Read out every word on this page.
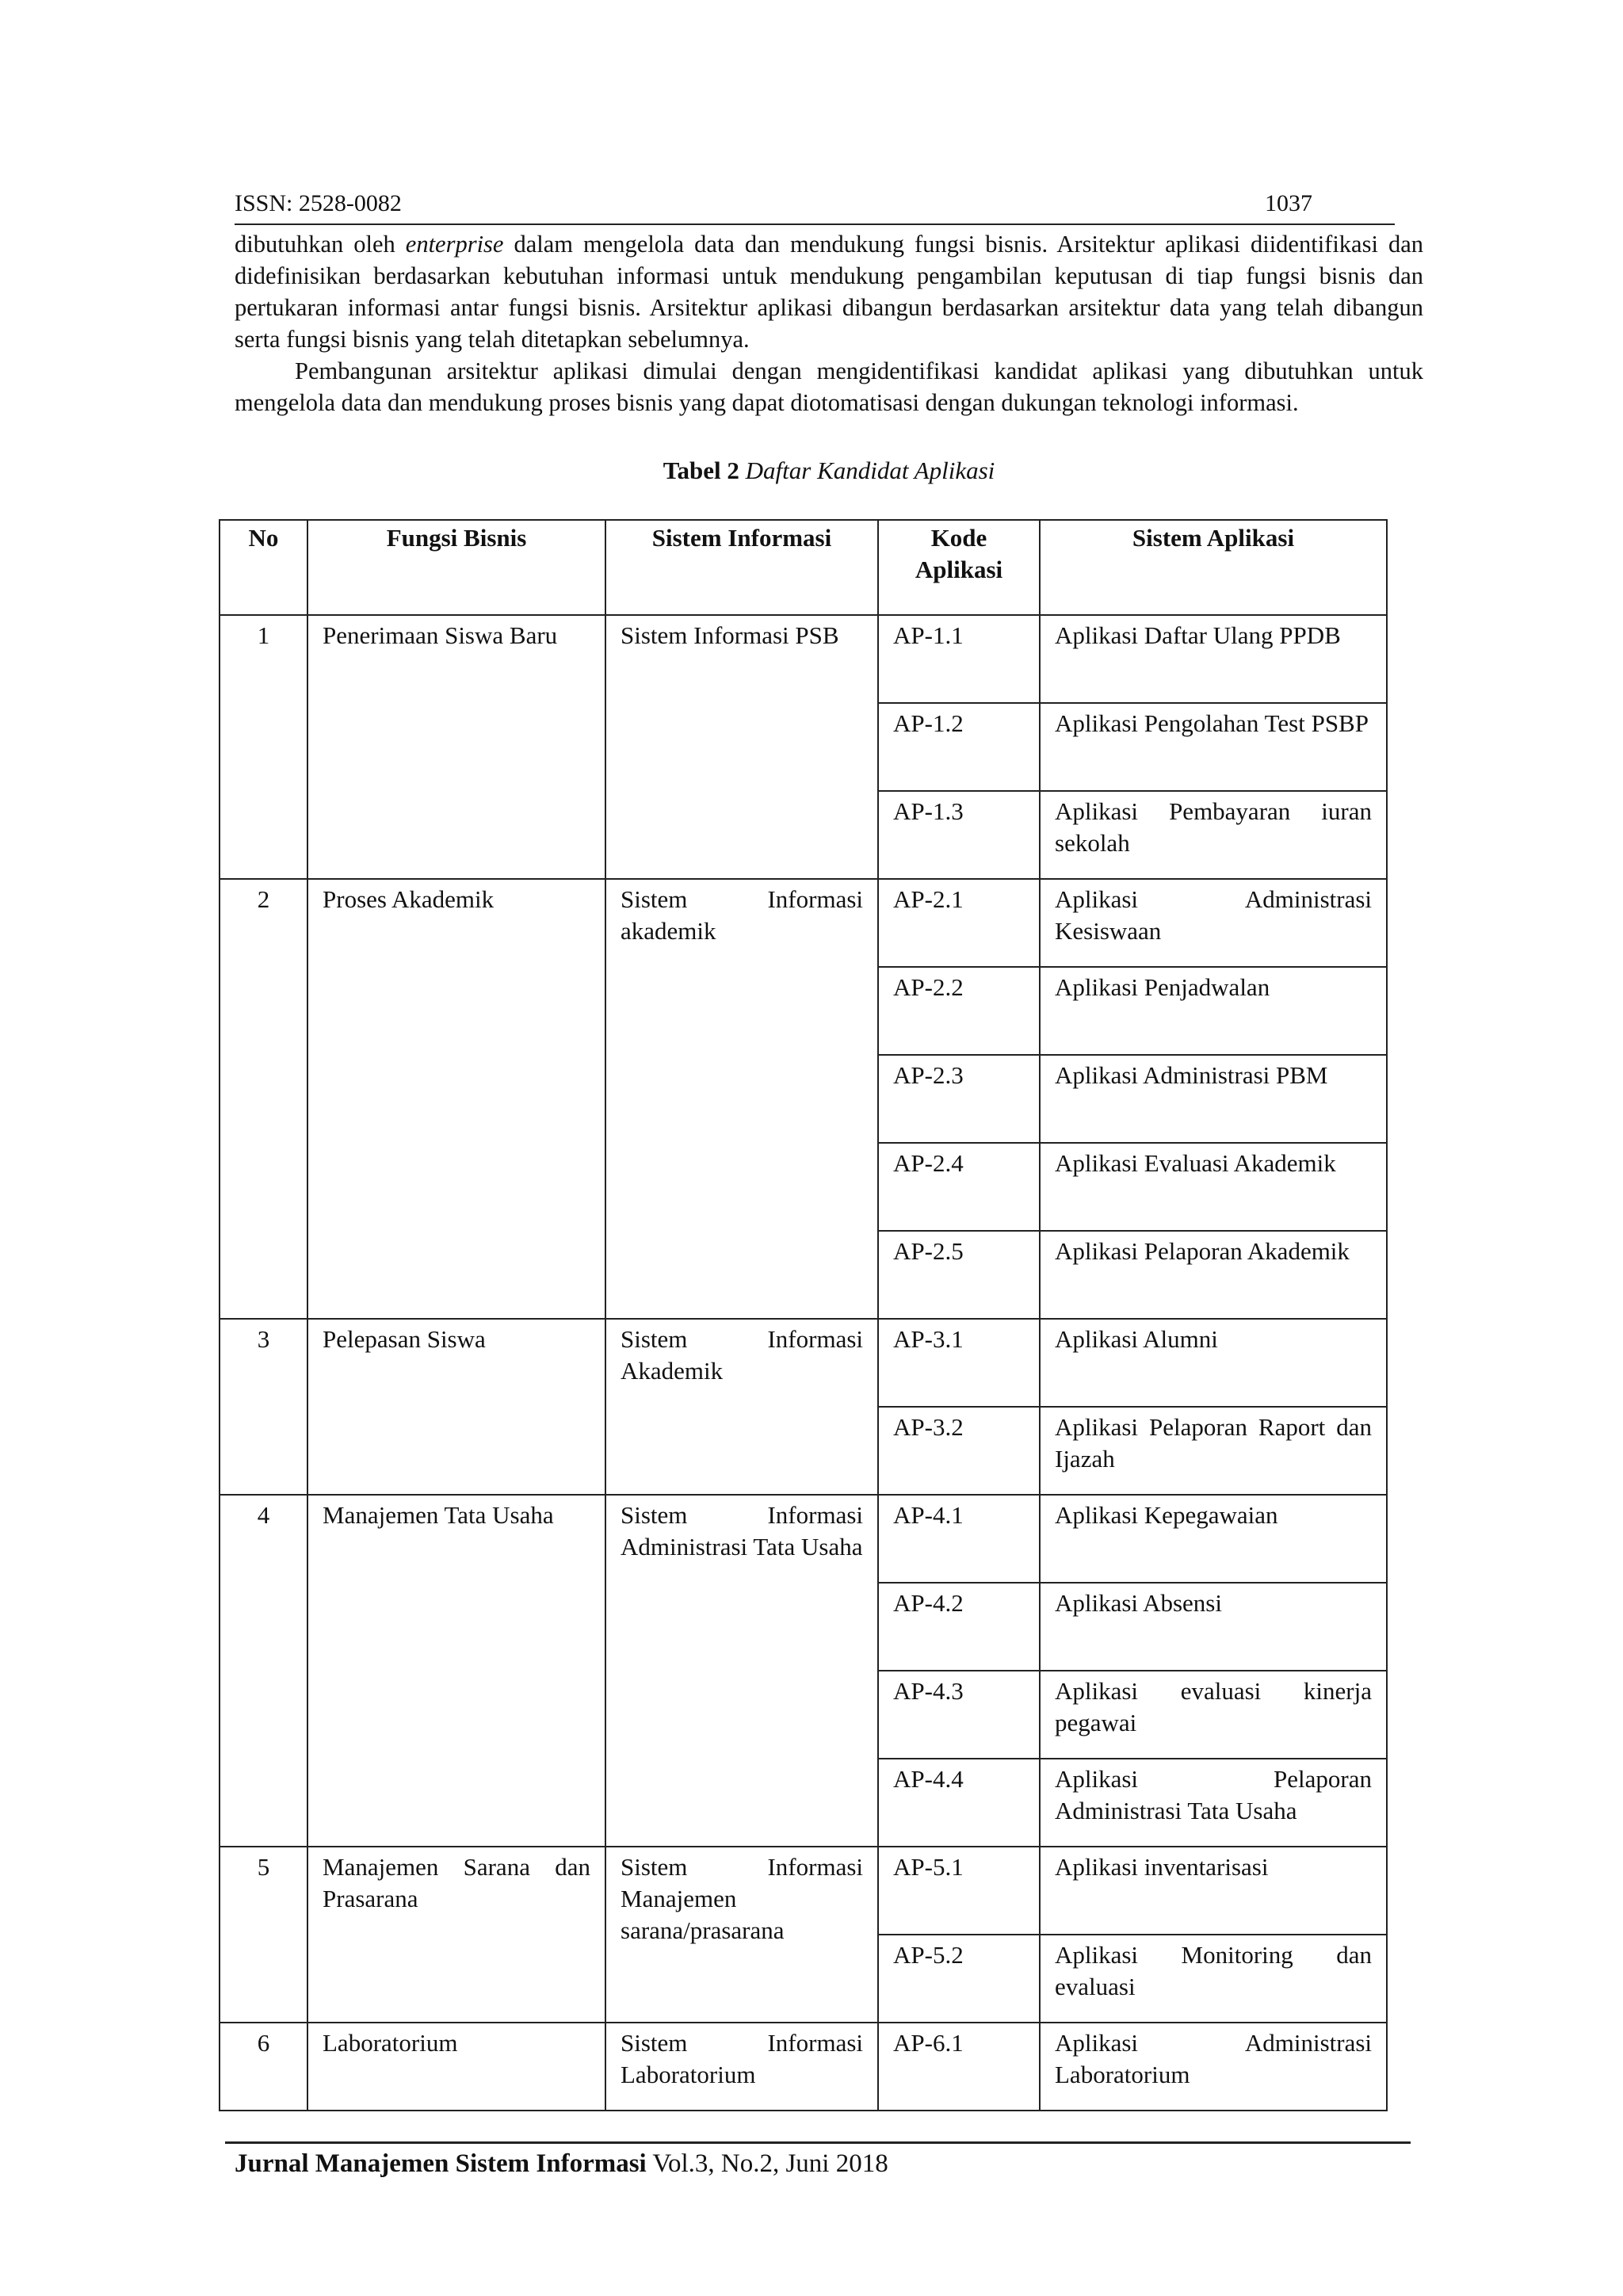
ISSN: 2528-0082	1037

dibutuhkan oleh enterprise dalam mengelola data dan mendukung fungsi bisnis. Arsitektur aplikasi diidentifikasi dan didefinisikan berdasarkan kebutuhan informasi untuk mendukung pengambilan keputusan di tiap fungsi bisnis dan pertukaran informasi antar fungsi bisnis. Arsitektur aplikasi dibangun berdasarkan arsitektur data yang telah dibangun serta fungsi bisnis yang telah ditetapkan sebelumnya.

Pembangunan arsitektur aplikasi dimulai dengan mengidentifikasi kandidat aplikasi yang dibutuhkan untuk mengelola data dan mendukung proses bisnis yang dapat diotomatisasi dengan dukungan teknologi informasi.

Tabel 2 Daftar Kandidat Aplikasi
No	Fungsi Bisnis	Sistem Informasi	Kode Aplikasi	Sistem Aplikasi
1	Penerimaan Siswa Baru	Sistem Informasi PSB	AP-1.1	Aplikasi Daftar Ulang PPDB
			AP-1.2	Aplikasi Pengolahan Test PSBP
			AP-1.3	Aplikasi Pembayaran iuran sekolah
2	Proses Akademik	Sistem Informasi akademik	AP-2.1	Aplikasi Administrasi Kesiswaan
			AP-2.2	Aplikasi Penjadwalan
			AP-2.3	Aplikasi Administrasi PBM
			AP-2.4	Aplikasi Evaluasi Akademik
			AP-2.5	Aplikasi Pelaporan Akademik
3	Pelepasan Siswa	Sistem Informasi Akademik	AP-3.1	Aplikasi Alumni
			AP-3.2	Aplikasi Pelaporan Raport dan Ijazah
4	Manajemen Tata Usaha	Sistem Informasi Administrasi Tata Usaha	AP-4.1	Aplikasi Kepegawaian
			AP-4.2	Aplikasi Absensi
			AP-4.3	Aplikasi evaluasi kinerja pegawai
			AP-4.4	Aplikasi Pelaporan Administrasi Tata Usaha
5	Manajemen Sarana dan Prasarana	Sistem Informasi Manajemen sarana/prasarana	AP-5.1	Aplikasi inventarisasi
			AP-5.2	Aplikasi Monitoring dan evaluasi
6	Laboratorium	Sistem Informasi Laboratorium	AP-6.1	Aplikasi Administrasi Laboratorium
Jurnal Manajemen Sistem Informasi Vol.3, No.2, Juni 2018
